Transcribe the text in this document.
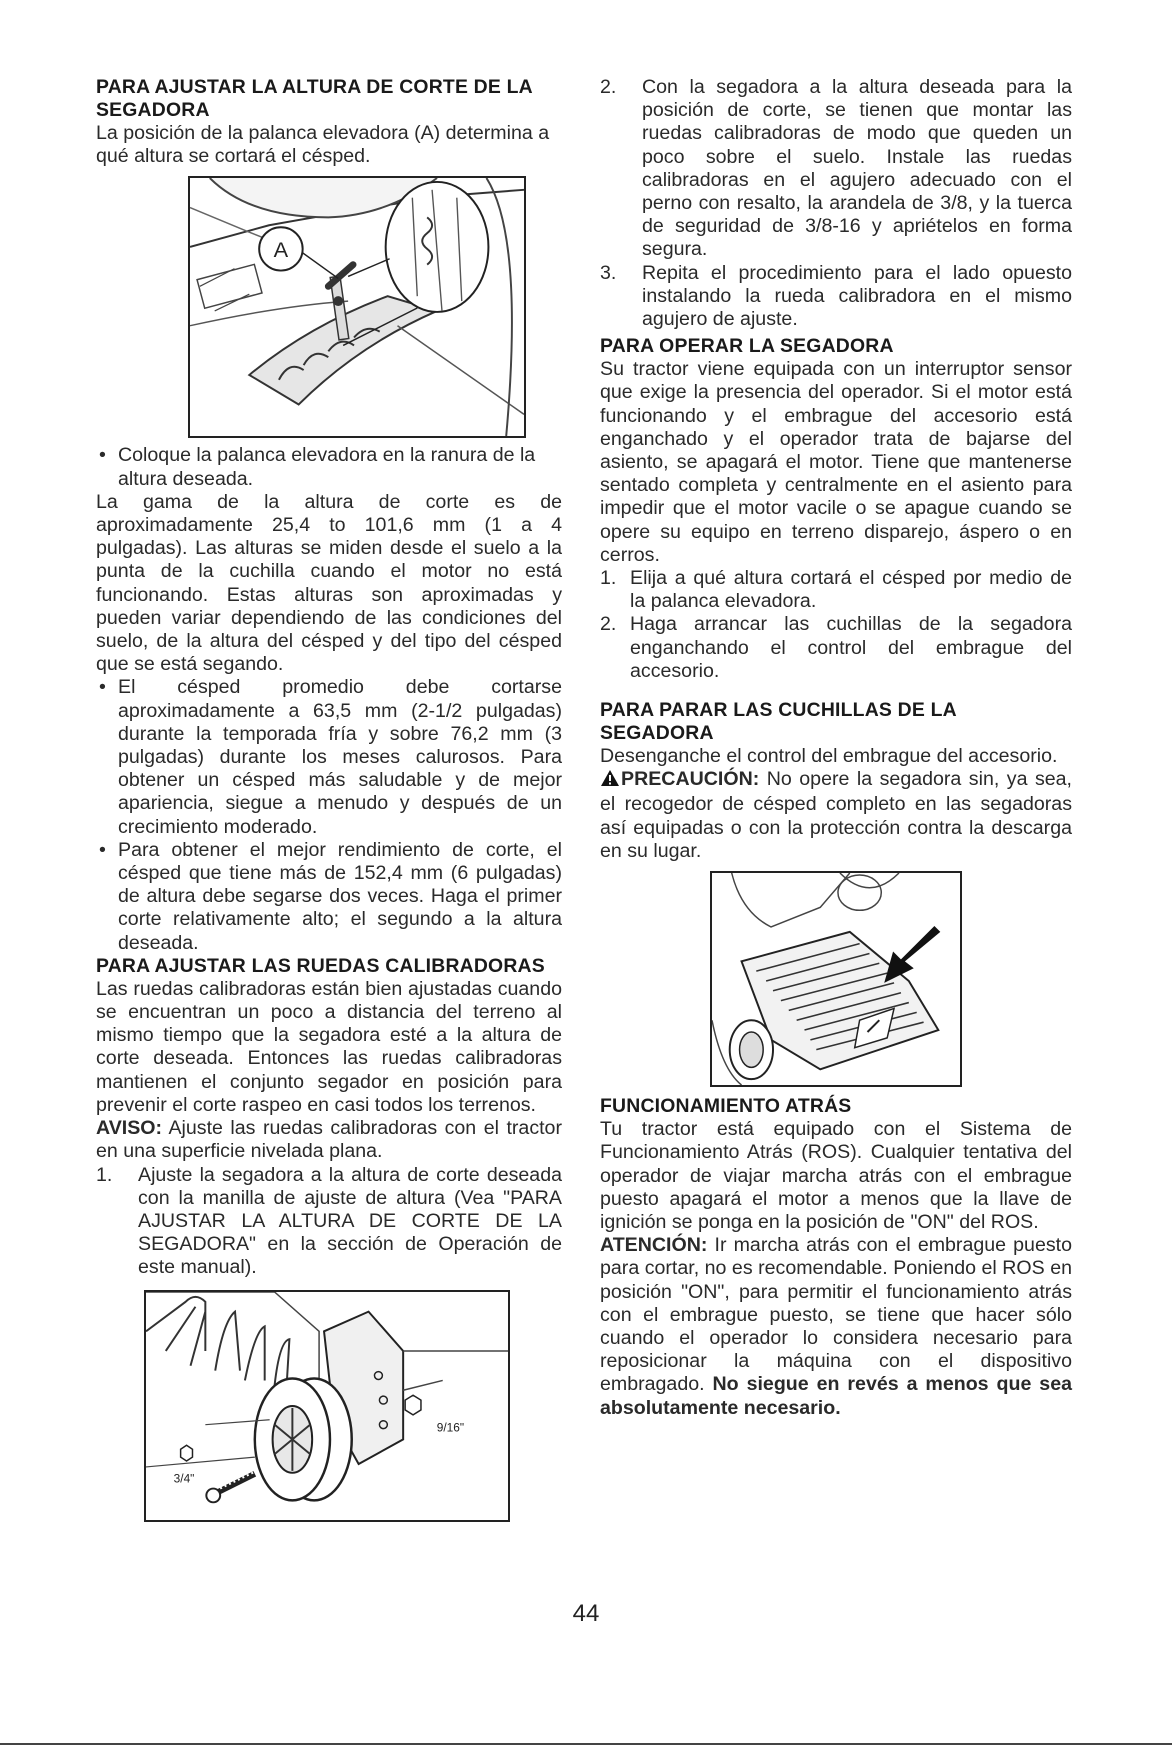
PARA AJUSTAR LA ALTURA DE CORTE DE LA SEGADORA

La posición de la palanca elevadora (A) determina a qué altura se cortará el césped.

A

• Coloque la palanca elevadora en la ranura de la altura deseada.

La gama de la altura de corte es de aproximadamente 25,4 to 101,6 mm (1 a 4 pulgadas). Las alturas se miden desde el suelo a la punta de la cuchilla cuando el motor no está funcionando. Estas alturas son aproximadas y pueden variar dependiendo de las condiciones del suelo, de la altura del césped y del tipo del césped que se está segando.

• El césped promedio debe cortarse aproximadamente a 63,5 mm (2-1/2 pulgadas) durante la temporada fría y sobre 76,2 mm (3 pulgadas) durante los meses calurosos. Para obtener un césped más saludable y de mejor apariencia, siegue a menudo y después de un crecimiento moderado.

• Para obtener el mejor rendimiento de corte, el césped que tiene más de 152,4 mm (6 pulgadas) de altura debe segarse dos veces. Haga el primer corte relativamente alto; el segundo a la altura deseada.

PARA AJUSTAR LAS RUEDAS CALIBRADORAS

Las ruedas calibradoras están bien ajustadas cuando se encuentran un poco a distancia del terreno al mismo tiempo que la segadora esté a la altura de corte deseada. Entonces las ruedas calibradoras mantienen el conjunto segador en posición para prevenir el corte raspeo en casi todos los terrenos.

AVISO: Ajuste las ruedas calibradoras con el tractor en una superficie nivelada plana.

1. Ajuste la segadora a la altura de corte deseada con la manilla de ajuste de altura (Vea "PARA AJUSTAR LA ALTURA DE CORTE DE LA SEGADORA" en la sección de Operación de este manual).

9/16"
3/4"

2. Con la segadora a la altura deseada para la posición de corte, se tienen que montar las ruedas calibradoras de modo que queden un poco sobre el suelo. Instale las ruedas calibradoras en el agujero adecuado con el perno con resalto, la arandela de 3/8, y la tuerca de seguridad de 3/8-16 y apriételos en forma segura.

3. Repita el procedimiento para el lado opuesto instalando la rueda calibradora en el mismo agujero de ajuste.

PARA OPERAR LA SEGADORA

Su tractor viene equipada con un interruptor sensor que exige la presencia del operador. Si el motor está funcionando y el embrague del accesorio está enganchado y el operador trata de bajarse del asiento, se apagará el motor. Tiene que mantenerse sentado completa y centralmente en el asiento para impedir que el motor vacile o se apague cuando se opere su equipo en terreno disparejo, áspero o en cerros.

1. Elija a qué altura cortará el césped por medio de la palanca elevadora.

2. Haga arrancar las cuchillas de la segadora enganchando el control del embrague del accesorio.

PARA PARAR LAS CUCHILLAS DE LA SEGADORA

Desenganche el control del embrague del accesorio.

PRECAUCIÓN: No opere la segadora sin, ya sea, el recogedor de césped completo en las segadoras así equipadas o con la protección contra la descarga en su lugar.

FUNCIONAMIENTO ATRÁS

Tu tractor está equipado con el Sistema de Funcionamiento Atrás (ROS). Cualquier tentativa del operador de viajar marcha atrás con el embrague puesto apagará el motor a menos que la llave de ignición se ponga en la posición de "ON" del ROS.

ATENCIÓN: Ir marcha atrás con el embrague puesto para cortar, no es recomendable. Poniendo el ROS en posición "ON", para permitir el funcionamiento atrás con el embrague puesto, se tiene que hacer sólo cuando el operador lo considera necesario para reposicionar la máquina con el dispositivo embragado. No siegue en revés a menos que sea absolutamente necesario.

44
